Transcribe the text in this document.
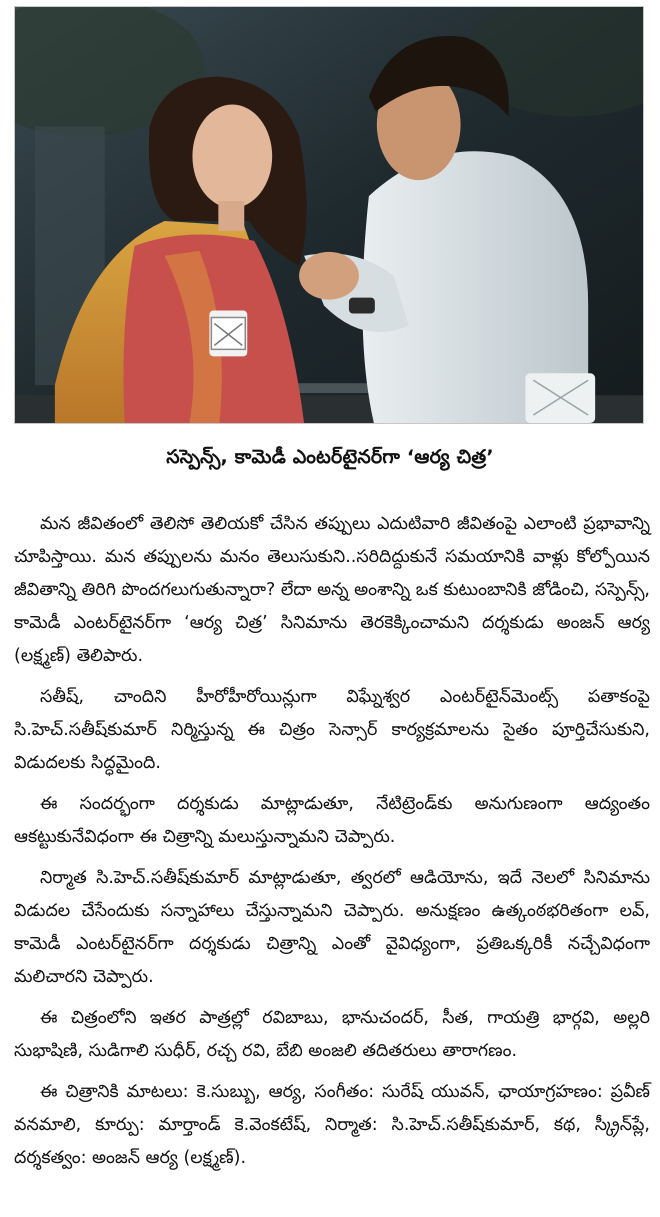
సస్పెన్స్, కామెడీ ఎంటర్‌టైనర్‌గా ‘ఆర్య చిత్ర’

మన జీవితంలో తెలిసో తెలియకో చేసిన తప్పులు ఎదుటివారి జీవితంపై ఎలాంటి ప్రభావాన్ని చూపిస్తాయి. మన తప్పులను మనం తెలుసుకుని..సరిదిద్దుకునే సమయానికి వాళ్లు కోల్పోయిన జీవితాన్ని తిరిగి పొందగలుగుతున్నారా? లేదా అన్న అంశాన్ని ఒక కుటుంబానికి జోడించి, సస్పెన్స్, కామెడీ ఎంటర్‌టైనర్‌గా ‘ఆర్య చిత్ర’ సినిమాను తెరకెక్కించామని దర్శకుడు అంజన్ ఆర్య (లక్ష్మణ్) తెలిపారు.

సతీష్, చాందిని హీరోహీరోయిన్లుగా విఘ్నేశ్వర ఎంటర్‌టైన్‌మెంట్స్ పతాకంపై సి.హెచ్.సతీష్‌కుమార్ నిర్మిస్తున్న ఈ చిత్రం సెన్సార్ కార్యక్రమాలను సైతం పూర్తిచేసుకుని, విడుదలకు సిద్ధమైంది.

ఈ సందర్భంగా దర్శకుడు మాట్లాడుతూ, నేటిట్రెండ్‌కు అనుగుణంగా ఆద్యంతం ఆకట్టుకునేవిధంగా ఈ చిత్రాన్ని మలుస్తున్నామని చెప్పారు.

నిర్మాత సి.హెచ్.సతీష్‌కుమార్ మాట్లాడుతూ, త్వరలో ఆడియోను, ఇదే నెలలో సినిమాను విడుదల చేసేందుకు సన్నాహాలు చేస్తున్నామని చెప్పారు. అనుక్షణం ఉత్కంఠభరితంగా లవ్, కామెడీ ఎంటర్‌టైనర్‌గా దర్శకుడు చిత్రాన్ని ఎంతో వైవిధ్యంగా, ప్రతిఒక్కరికీ నచ్చేవిధంగా మలిచారని చెప్పారు.

ఈ చిత్రంలోని ఇతర పాత్రల్లో రవిబాబు, భానుచందర్, సీత, గాయత్రి భార్గవి, అల్లరి సుభాషిణి, సుడిగాలి సుధీర్, రచ్చ రవి, బేబి అంజలి తదితరులు తారాగణం.

ఈ చిత్రానికి మాటలు: కె.సుబ్బు, ఆర్య, సంగీతం: సురేష్ యువన్, ఛాయాగ్రహణం: ప్రవీణ్ వనమాలి, కూర్పు: మార్తాండ్ కె.వెంకటేష్, నిర్మాత: సి.హెచ్.సతీష్‌కుమార్, కథ, స్క్రీన్‌ప్లే, దర్శకత్వం: అంజన్ ఆర్య (లక్ష్మణ్).
